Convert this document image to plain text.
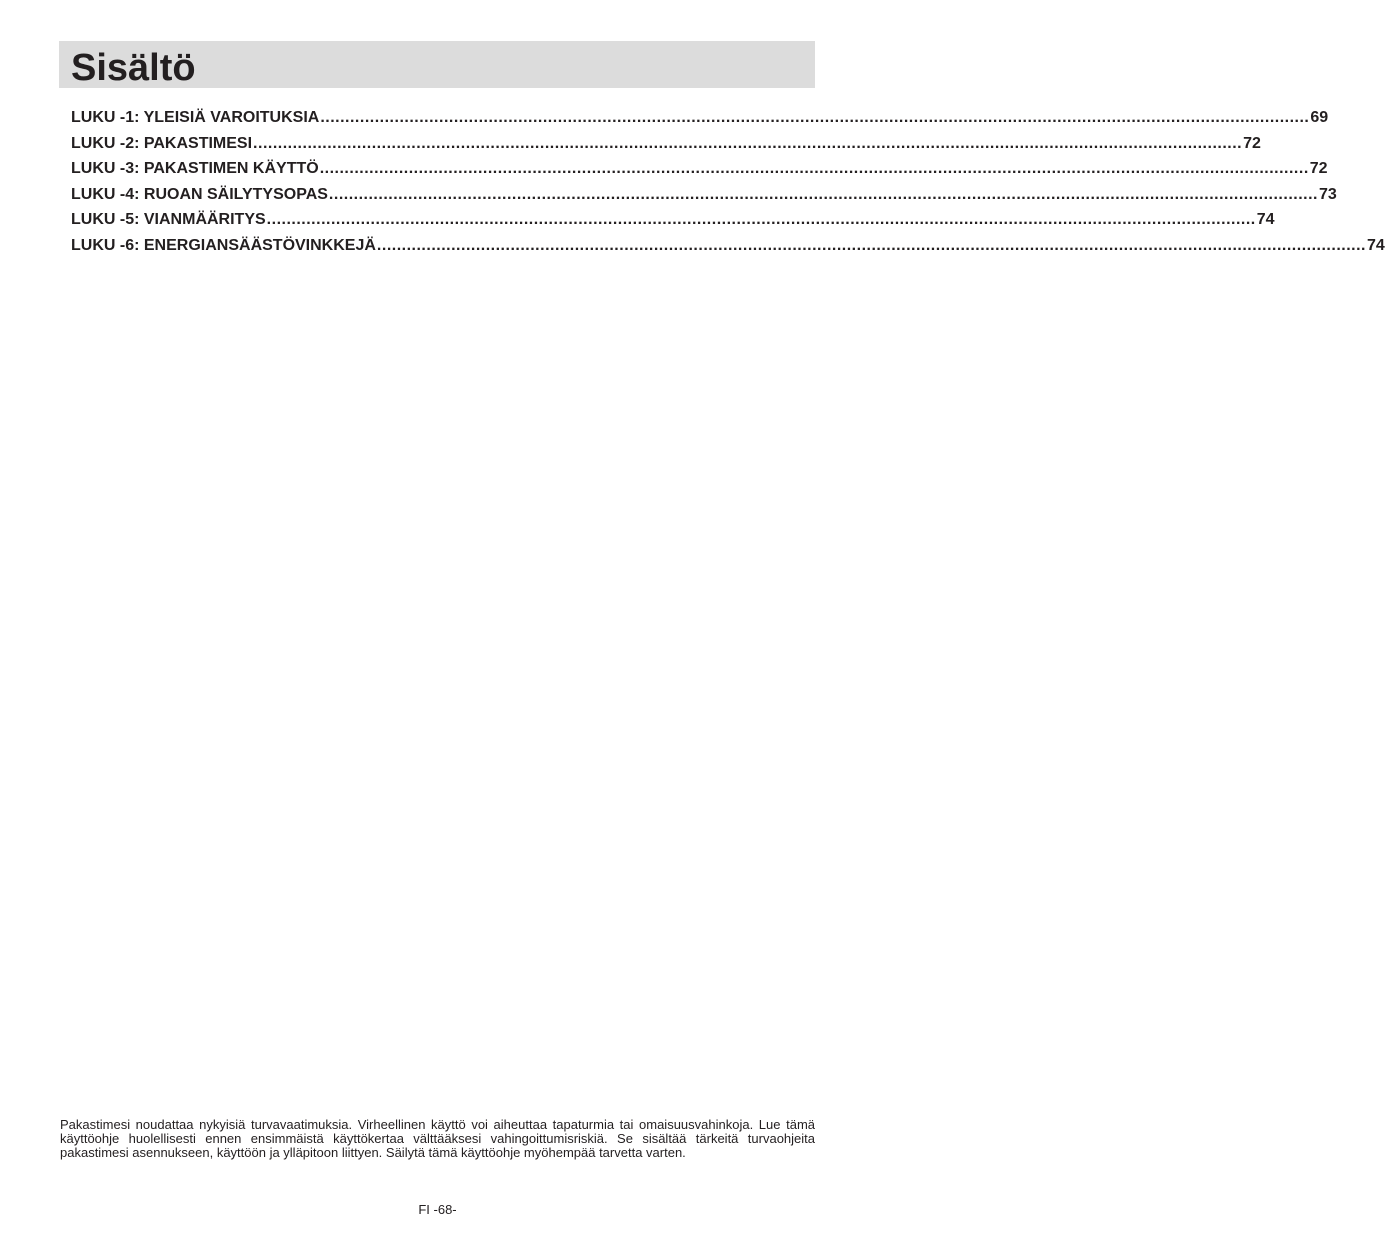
Sisältö
LUKU -1: YLEISIÄ VAROITUKSIA ........................................................................................................................................................................................................ 69
LUKU -2: PAKASTIMESI ........................................................................................................................................................................................................ 72
LUKU -3: PAKASTIMEN KÄYTTÖ ........................................................................................................................................................................................................ 72
LUKU -4: RUOAN SÄILYTYSOPAS ........................................................................................................................................................................................................ 73
LUKU -5: VIANMÄÄRITYS ........................................................................................................................................................................................................ 74
LUKU -6: ENERGIANSÄÄSTÖVINKKEJÄ ........................................................................................................................................................................................................ 74
Pakastimesi noudattaa nykyisiä turvavaatimuksia. Virheellinen käyttö voi aiheuttaa tapaturmia tai omaisuusvahinkoja. Lue tämä käyttöohje huolellisesti ennen ensimmäistä käyttökertaa välttääksesi vahingoittumisriskiä. Se sisältää tärkeitä turvaohjeita pakastimesi asennukseen, käyttöön ja ylläpitoon liittyen. Säilytä tämä käyttöohje myöhempää tarvetta varten.
FI -68-
